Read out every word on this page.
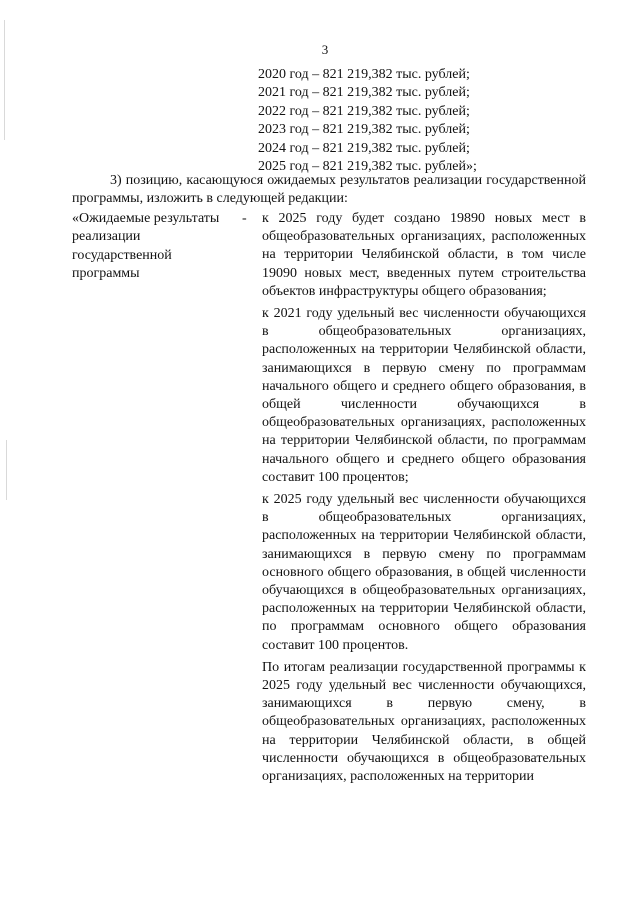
3
2020 год – 821 219,382 тыс. рублей;
2021 год – 821 219,382 тыс. рублей;
2022 год – 821 219,382 тыс. рублей;
2023 год – 821 219,382 тыс. рублей;
2024 год – 821 219,382 тыс. рублей;
2025 год – 821 219,382 тыс. рублей»;
3) позицию, касающуюся ожидаемых результатов реализации государственной программы, изложить в следующей редакции:
«Ожидаемые результаты реализации государственной программы
- к 2025 году будет создано 19890 новых мест в общеобразовательных организациях, расположенных на территории Челябинской области, в том числе 19090 новых мест, введенных путем строительства объектов инфраструктуры общего образования;

к 2021 году удельный вес численности обучающихся в общеобразовательных организациях, расположенных на территории Челябинской области, занимающихся в первую смену по программам начального общего и среднего общего образования, в общей численности обучающихся в общеобразовательных организациях, расположенных на территории Челябинской области, по программам начального общего и среднего общего образования составит 100 процентов;

к 2025 году удельный вес численности обучающихся в общеобразовательных организациях, расположенных на территории Челябинской области, занимающихся в первую смену по программам основного общего образования, в общей численности обучающихся в общеобразовательных организациях, расположенных на территории Челябинской области, по программам основного общего образования составит 100 процентов.

По итогам реализации государственной программы к 2025 году удельный вес численности обучающихся, занимающихся в первую смену, в общеобразовательных организациях, расположенных на территории Челябинской области, в общей численности обучающихся в общеобразовательных организациях, расположенных на территории
